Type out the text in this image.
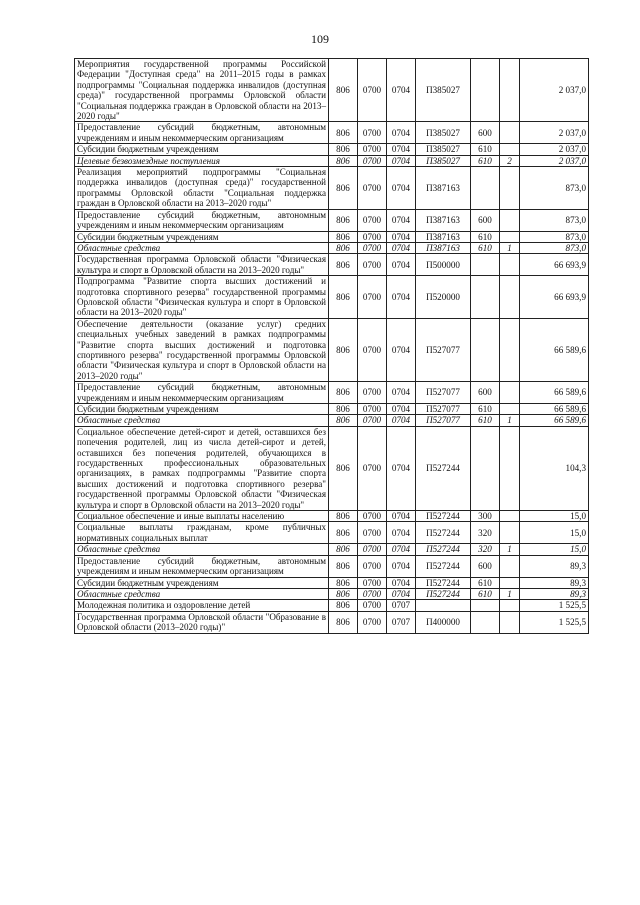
109
Мероприятия государственной программы Российской Федерации "Доступная среда" на 2011–2015 годы в рамках подпрограммы "Социальная поддержка инвалидов (доступная среда)" государственной программы Орловской области "Социальная поддержка граждан в Орловской области на 2013–2020 годы"	806	0700	0704	П385027			2 037,0
Предоставление субсидий бюджетным, автономным учреждениям и иным некоммерческим организациям	806	0700	0704	П385027	600		2 037,0
Субсидии бюджетным учреждениям	806	0700	0704	П385027	610		2 037,0
Целевые безвозмездные поступления	806	0700	0704	П385027	610	2	2 037,0
Реализация мероприятий подпрограммы "Социальная поддержка инвалидов (доступная среда)" государственной программы Орловской области "Социальная поддержка граждан в Орловской области на 2013–2020 годы"	806	0700	0704	П387163			873,0
Предоставление субсидий бюджетным, автономным учреждениям и иным некоммерческим организациям	806	0700	0704	П387163	600		873,0
Субсидии бюджетным учреждениям	806	0700	0704	П387163	610		873,0
Областные средства	806	0700	0704	П387163	610	1	873,0
Государственная программа Орловской области "Физическая культура и спорт в Орловской области на 2013–2020 годы"	806	0700	0704	П500000			66 693,9
Подпрограмма "Развитие спорта высших достижений и подготовка спортивного резерва" государственной программы Орловской области "Физическая культура и спорт в Орловской области на 2013–2020 годы"	806	0700	0704	П520000			66 693,9
Обеспечение деятельности (оказание услуг) средних специальных учебных заведений в рамках подпрограммы "Развитие спорта высших достижений и подготовка спортивного резерва" государственной программы Орловской области "Физическая культура и спорт в Орловской области на 2013–2020 годы"	806	0700	0704	П527077			66 589,6
Предоставление субсидий бюджетным, автономным учреждениям и иным некоммерческим организациям	806	0700	0704	П527077	600		66 589,6
Субсидии бюджетным учреждениям	806	0700	0704	П527077	610		66 589,6
Областные средства	806	0700	0704	П527077	610	1	66 589,6
Социальное обеспечение детей-сирот и детей, оставшихся без попечения родителей, лиц из числа детей-сирот и детей, оставшихся без попечения родителей, обучающихся в государственных профессиональных образовательных организациях, в рамках подпрограммы "Развитие спорта высших достижений и подготовка спортивного резерва" государственной программы Орловской области "Физическая культура и спорт в Орловской области на 2013–2020 годы"	806	0700	0704	П527244			104,3
Социальное обеспечение и иные выплаты населению	806	0700	0704	П527244	300		15,0
Социальные выплаты гражданам, кроме публичных нормативных социальных выплат	806	0700	0704	П527244	320		15,0
Областные средства	806	0700	0704	П527244	320	1	15,0
Предоставление субсидий бюджетным, автономным учреждениям и иным некоммерческим организациям	806	0700	0704	П527244	600		89,3
Субсидии бюджетным учреждениям	806	0700	0704	П527244	610		89,3
Областные средства	806	0700	0704	П527244	610	1	89,3
Молодежная политика и оздоровление детей	806	0700	0707				1 525,5
Государственная программа Орловской области "Образование в Орловской области (2013–2020 годы)"	806	0700	0707	П400000			1 525,5
